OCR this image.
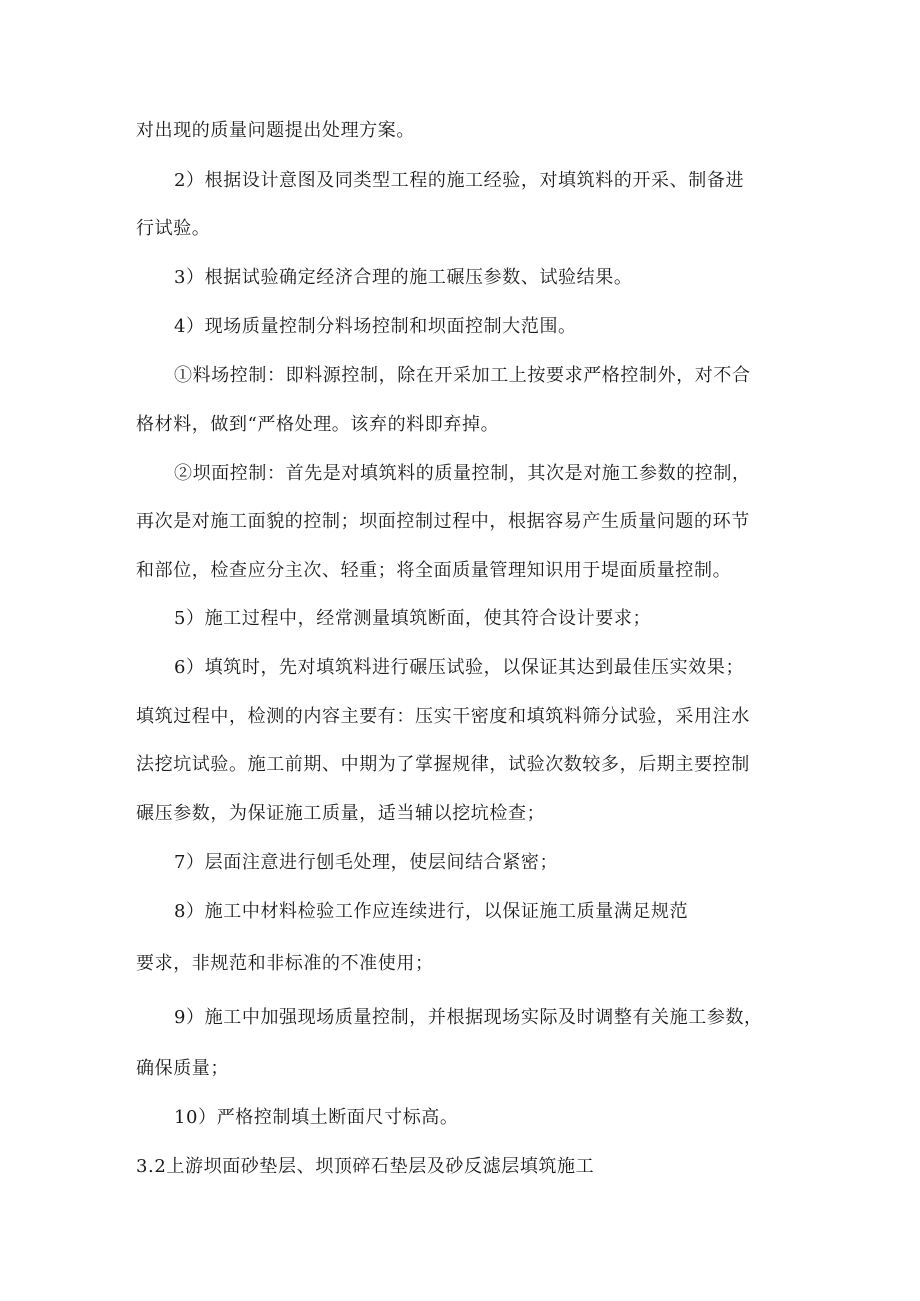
对出现的质量问题提出处理方案。
2）根据设计意图及同类型工程的施工经验，对填筑料的开采、制备进
行试验。
3）根据试验确定经济合理的施工碾压参数、试验结果。
4）现场质量控制分料场控制和坝面控制大范围。
①料场控制：即料源控制，除在开采加工上按要求严格控制外，对不合
格材料，做到“严格处理。该弃的料即弃掉。
②坝面控制：首先是对填筑料的质量控制，其次是对施工参数的控制，
再次是对施工面貌的控制；坝面控制过程中，根据容易产生质量问题的环节
和部位，检查应分主次、轻重；将全面质量管理知识用于堤面质量控制。
5）施工过程中，经常测量填筑断面，使其符合设计要求；
6）填筑时，先对填筑料进行碾压试验，以保证其达到最佳压实效果；
填筑过程中，检测的内容主要有：压实干密度和填筑料筛分试验，采用注水
法挖坑试验。施工前期、中期为了掌握规律，试验次数较多，后期主要控制
碾压参数，为保证施工质量，适当辅以挖坑检查；
7）层面注意进行刨毛处理，使层间结合紧密；
8）施工中材料检验工作应连续进行，以保证施工质量满足规范
要求，非规范和非标准的不准使用；
9）施工中加强现场质量控制，并根据现场实际及时调整有关施工参数，
确保质量；
10）严格控制填土断面尺寸标高。
3.2上游坝面砂垫层、坝顶碎石垫层及砂反滤层填筑施工
